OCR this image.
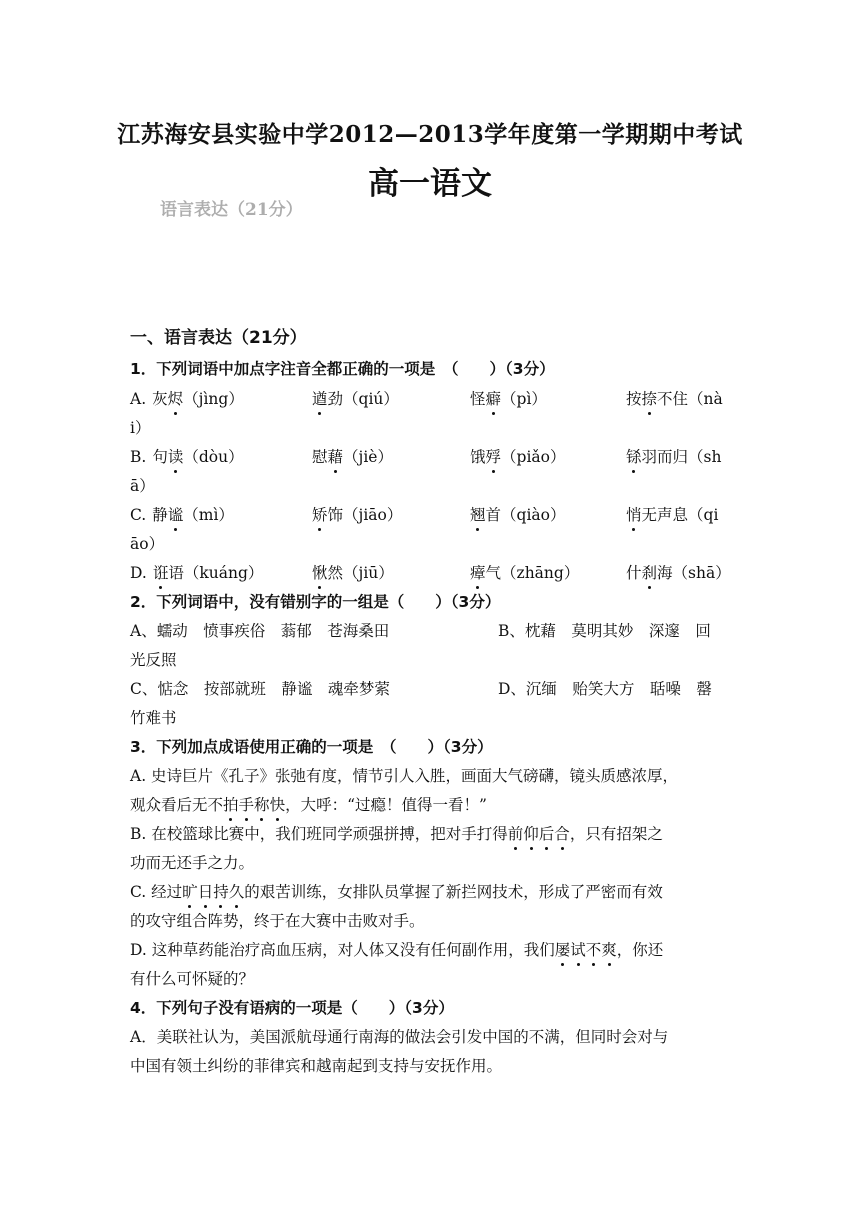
江苏海安县实验中学2012—2013学年度第一学期期中考试
高一语文
语言表达（21分）
一、语言表达（21分）
1．下列词语中加点字注音全都正确的一项是　（　　）（3分）
A. 灰烬（jìng）	遒劲（qiú）	怪癖（pì）	按捺不住（nà
i）
B. 句读（dòu）	慰藉（jiè）	饿殍（piǎo）	铩羽而归（sh
ā）
C. 静谧（mì）	矫饰（jiāo）	翘首（qiào）	悄无声息（qi
āo）
D. 诳语（kuáng）	愀然（jiū）	瘴气（zhāng）	什刹海（shā）
2．下列词语中，没有错别字的一组是（　　）（3分）
A、蠕动　愤事疾俗　蓊郁　苍海桑田	B、枕藉　莫明其妙　深邃　回
光反照
C、惦念　按部就班　静谧　魂牵梦萦	D、沉缅　贻笑大方　聒噪　罄
竹难书
3．下列加点成语使用正确的一项是　（　　）（3分）
A. 史诗巨片《孔子》张弛有度，情节引人入胜，画面大气磅礴，镜头质感浓厚，
观众看后无不拍手称快，大呼：“过瘾！值得一看！”
B. 在校篮球比赛中，我们班同学顽强拼搏，把对手打得前仰后合，只有招架之
功而无还手之力。
C. 经过旷日持久的艰苦训练，女排队员掌握了新拦网技术，形成了严密而有效
的攻守组合阵势，终于在大赛中击败对手。
D. 这种草药能治疗高血压病，对人体又没有任何副作用，我们屡试不爽，你还
有什么可怀疑的？
4．下列句子没有语病的一项是（　　）（3分）
A．美联社认为，美国派航母通行南海的做法会引发中国的不满，但同时会对与
中国有领土纠纷的菲律宾和越南起到支持与安抚作用。
